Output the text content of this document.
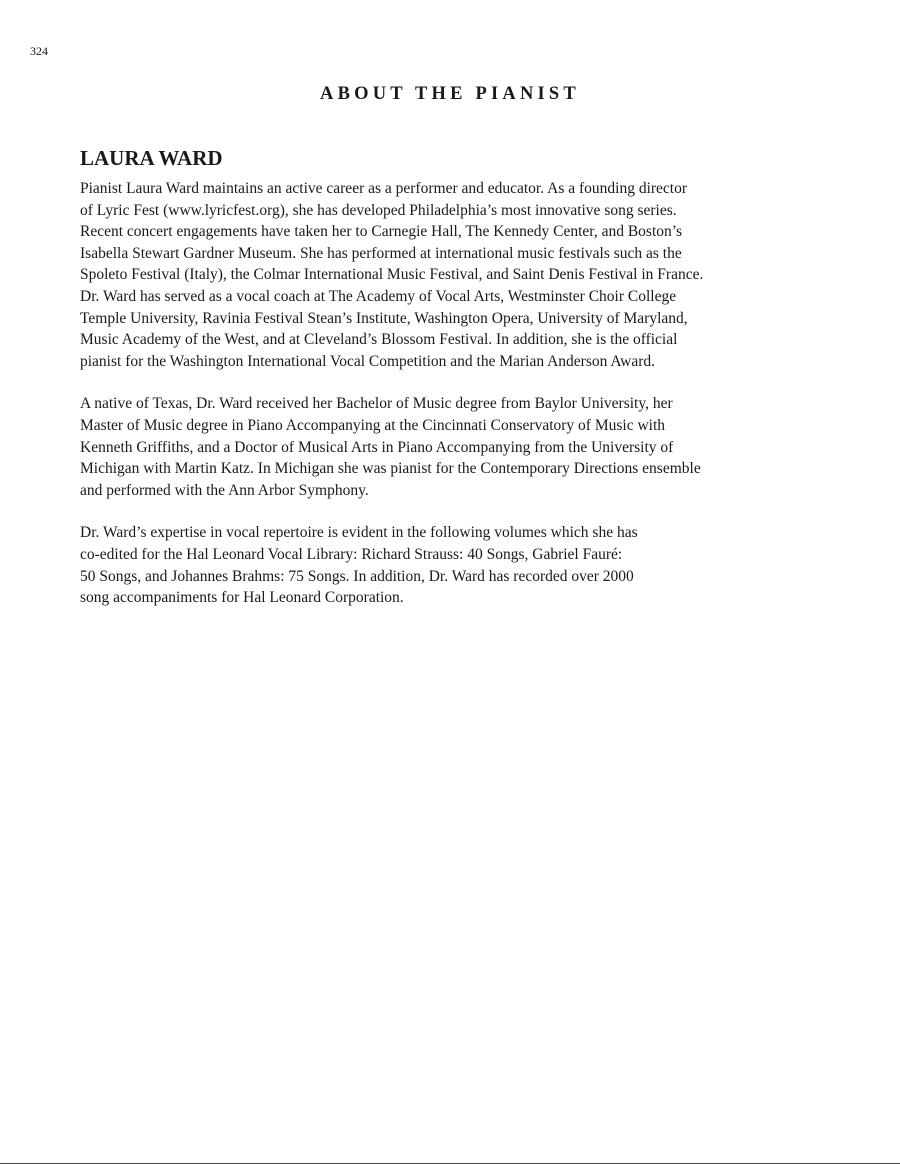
324
ABOUT THE PIANIST
LAURA WARD

Pianist Laura Ward maintains an active career as a performer and educator. As a founding director
of Lyric Fest (www.lyricfest.org), she has developed Philadelphia’s most innovative song series.
Recent concert engagements have taken her to Carnegie Hall, The Kennedy Center, and Boston’s
Isabella Stewart Gardner Museum. She has performed at international music festivals such as the
Spoleto Festival (Italy), the Colmar International Music Festival, and Saint Denis Festival in France.
Dr. Ward has served as a vocal coach at The Academy of Vocal Arts, Westminster Choir College
Temple University, Ravinia Festival Stean’s Institute, Washington Opera, University of Maryland,
Music Academy of the West, and at Cleveland’s Blossom Festival. In addition, she is the official
pianist for the Washington International Vocal Competition and the Marian Anderson Award.

A native of Texas, Dr. Ward received her Bachelor of Music degree from Baylor University, her
Master of Music degree in Piano Accompanying at the Cincinnati Conservatory of Music with
Kenneth Griffiths, and a Doctor of Musical Arts in Piano Accompanying from the University of
Michigan with Martin Katz. In Michigan she was pianist for the Contemporary Directions ensemble
and performed with the Ann Arbor Symphony.

Dr. Ward’s expertise in vocal repertoire is evident in the following volumes which she has
co-edited for the Hal Leonard Vocal Library: Richard Strauss: 40 Songs, Gabriel Fauré:
50 Songs, and Johannes Brahms: 75 Songs. In addition, Dr. Ward has recorded over 2000
song accompaniments for Hal Leonard Corporation.
